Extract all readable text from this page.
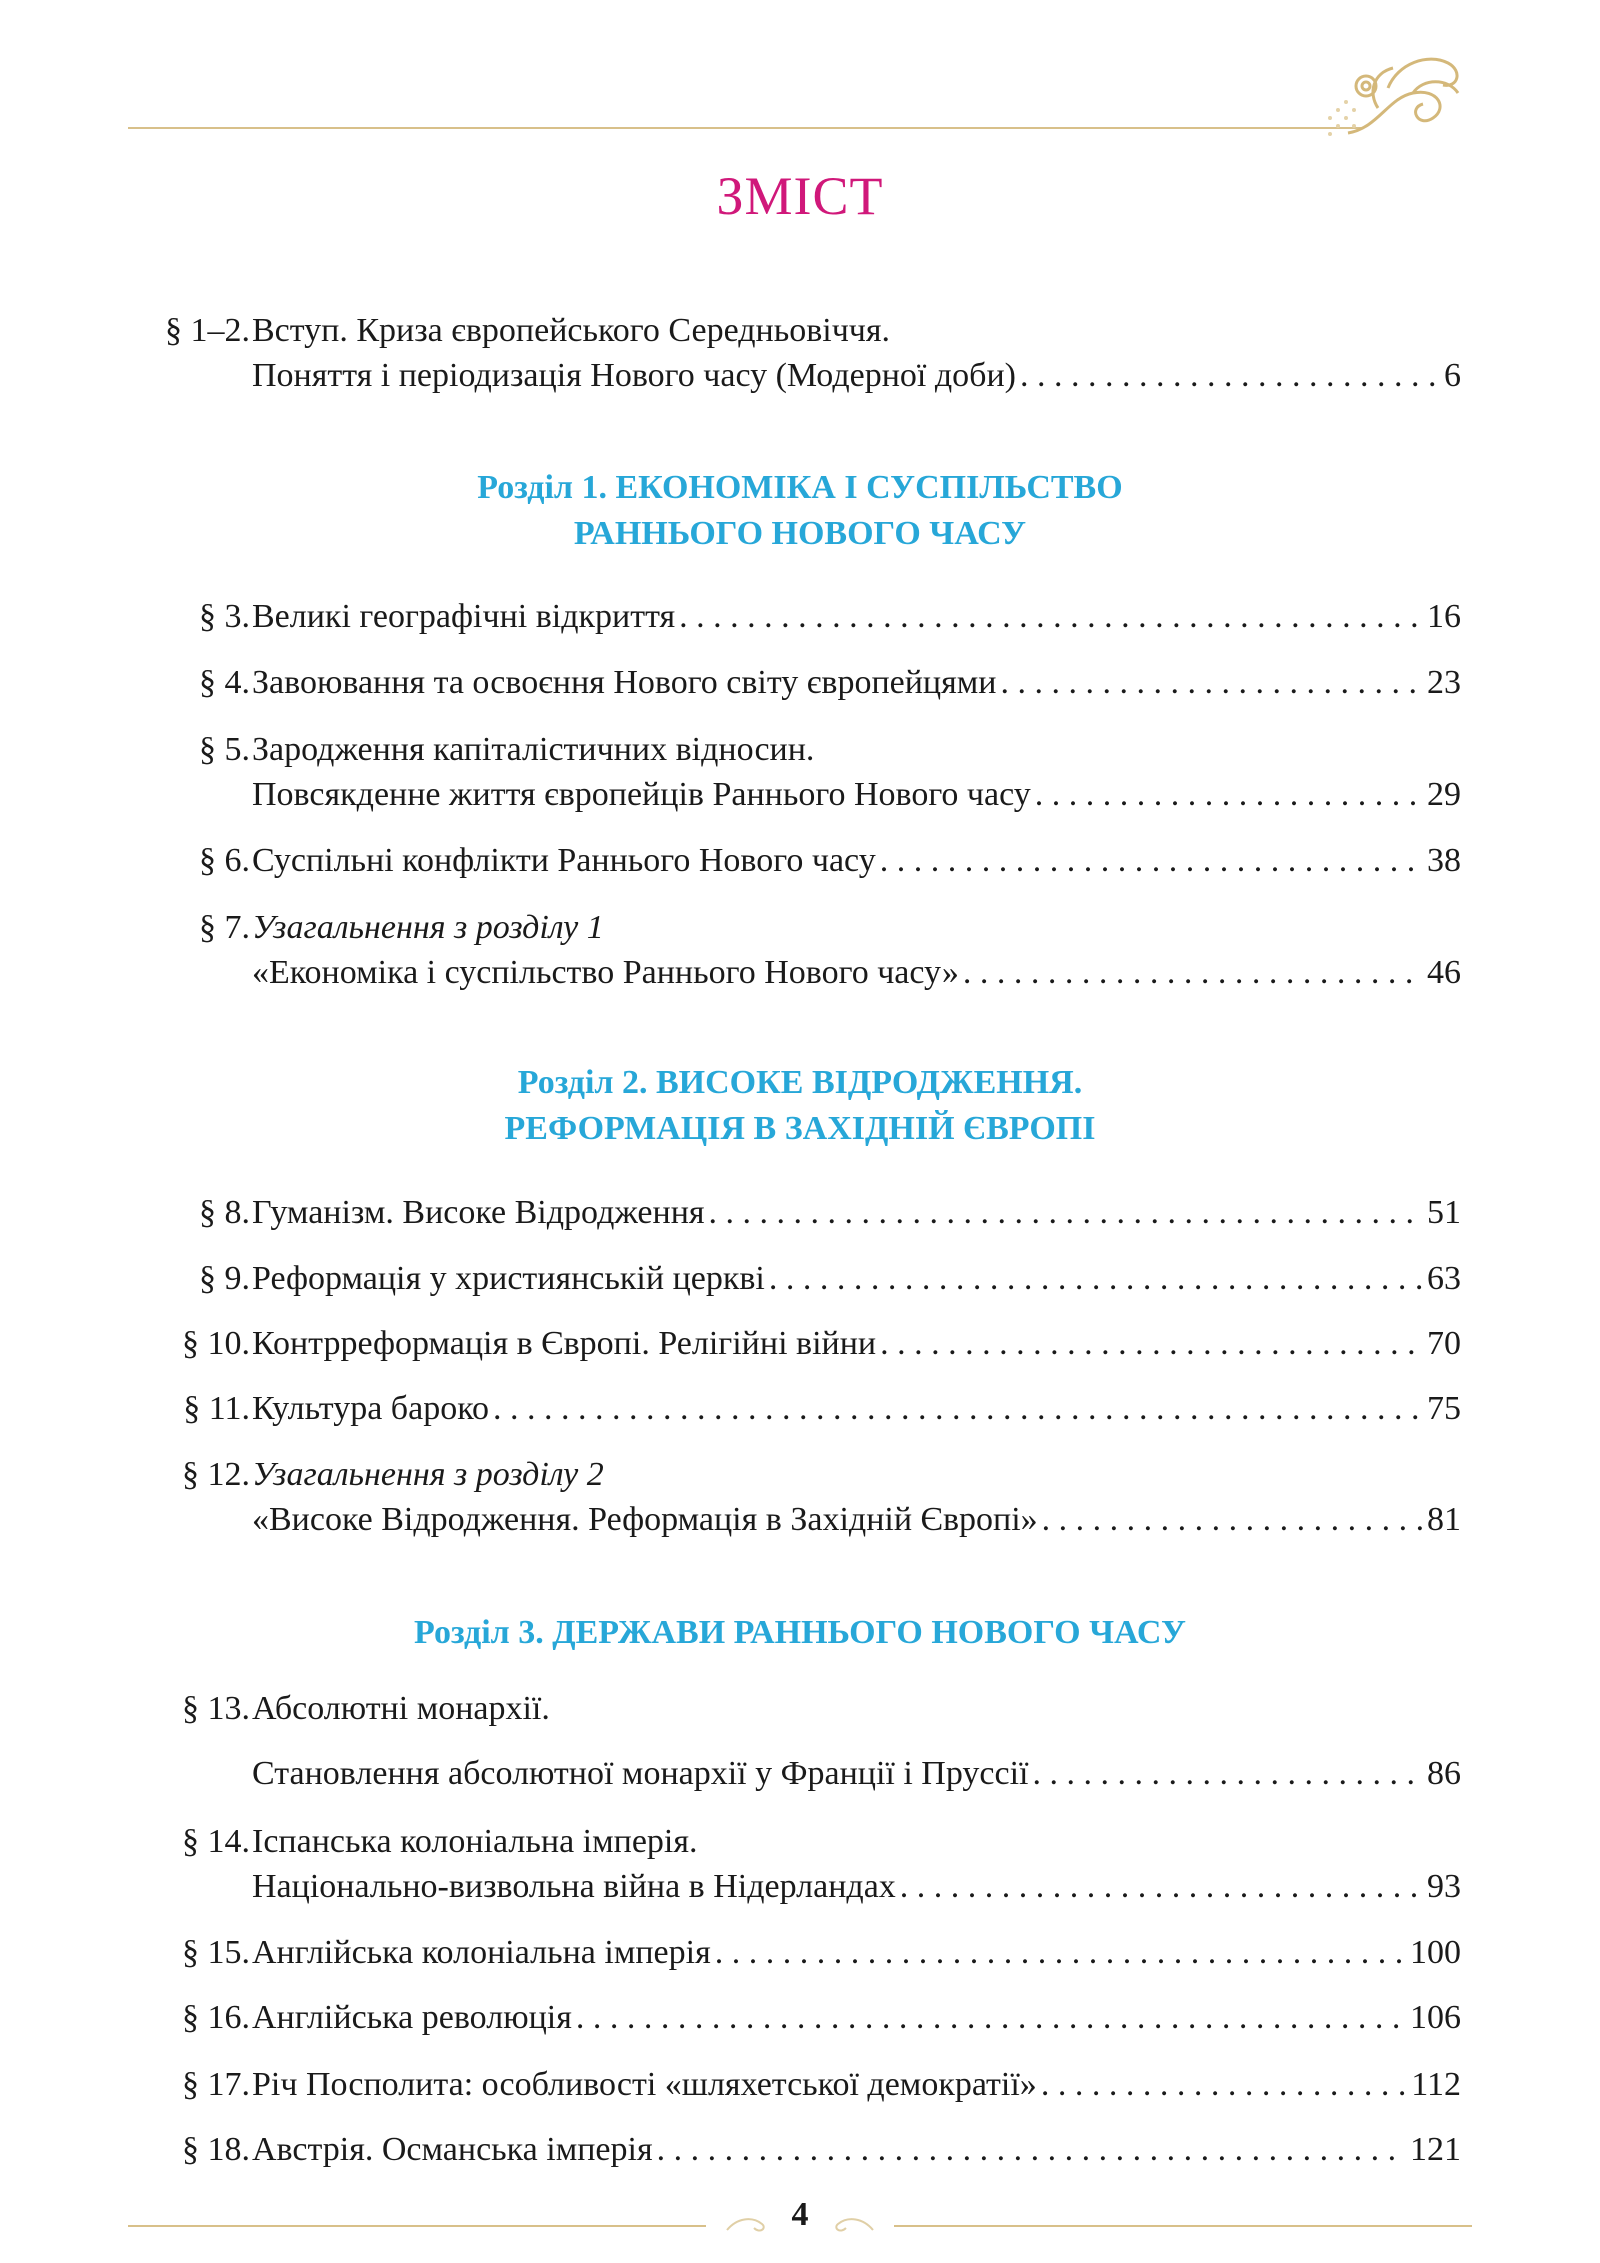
ЗМІСТ
§ 1–2. Вступ. Криза європейського Середньовіччя.
Поняття і періодизація Нового часу (Модерної доби) . . .	6
Розділ 1. ЕКОНОМІКА І СУСПІЛЬСТВО
РАННЬОГО НОВОГО ЧАСУ
§ 3. Великі географічні відкриття . . .	16
§ 4. Завоювання та освоєння Нового світу європейцями . . .	23
§ 5. Зародження капіталістичних відносин.
Повсякденне життя європейців Раннього Нового часу . . .	29
§ 6. Суспільні конфлікти Раннього Нового часу . . .	38
§ 7. Узагальнення з розділу 1
«Економіка і суспільство Раннього Нового часу» . . .	46
Розділ 2. ВИСОКЕ ВІДРОДЖЕННЯ.
РЕФОРМАЦІЯ В ЗАХІДНІЙ ЄВРОПІ
§ 8. Гуманізм. Високе Відродження . . .	51
§ 9. Реформація у християнській церкві . . .	63
§ 10. Контрреформація в Європі. Релігійні війни . . .	70
§ 11. Культура бароко . . .	75
§ 12. Узагальнення з розділу 2
«Високе Відродження. Реформація в Західній Європі» . . .	81
Розділ 3. ДЕРЖАВИ РАННЬОГО НОВОГО ЧАСУ
§ 13. Абсолютні монархії.
Становлення абсолютної монархії у Франції і Пруссії . . .	86
§ 14. Іспанська колоніальна імперія.
Національно-визвольна війна в Нідерландах . . .	93
§ 15. Англійська колоніальна імперія . . .	100
§ 16. Англійська революція . . .	106
§ 17. Річ Посполита: особливості «шляхетської демократії» . . .	112
§ 18. Австрія. Османська імперія . . .	121
4
